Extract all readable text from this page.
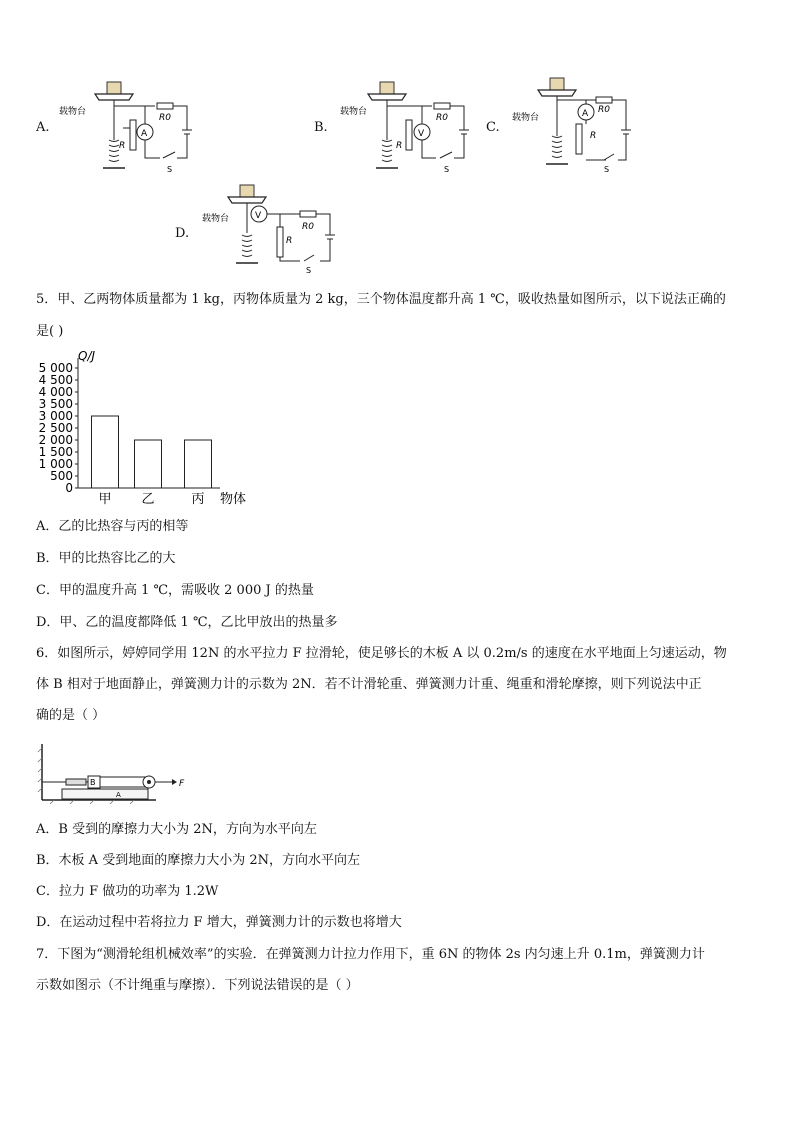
A.
载物台
R
A
R0
S
B.
载物台
R
V
R0
S
C.
载物台
R
A R0
S
D.
载物台	V
R
R0
S
5．甲、乙两物体质量都为 1 kg，丙物体质量为 2 kg，三个物体温度都升高 1 ℃，吸收热量如图所示，以下说法正确的
是( )
Q/J
0
500
1 000
1 500
2 000
2 500
3 000
3 500
4 000
4 500
5 000
甲 乙	丙 物体
A．乙的比热容与丙的相等
B．甲的比热容比乙的大
C．甲的温度升高 1 ℃，需吸收 2 000 J 的热量
D．甲、乙的温度都降低 1 ℃，乙比甲放出的热量多
6．如图所示，婷婷同学用 12N 的水平拉力 F 拉滑轮，使足够长的木板 A 以 0.2m/s 的速度在水平地面上匀速运动，物
体 B 相对于地面静止，弹簧测力计的示数为 2N．若不计滑轮重、弹簧测力计重、绳重和滑轮摩擦，则下列说法中正
确的是（ ）
A
B	F
A．B 受到的摩擦力大小为 2N，方向为水平向左
B．木板 A 受到地面的摩擦力大小为 2N，方向水平向左
C．拉力 F 做功的功率为 1.2W
D．在运动过程中若将拉力 F 增大，弹簧测力计的示数也将增大
7．下图为“测滑轮组机械效率”的实验．在弹簧测力计拉力作用下，重 6N 的物体 2s 内匀速上升 0.1m，弹簧测力计
示数如图示（不计绳重与摩擦）．下列说法错误的是（ ）
